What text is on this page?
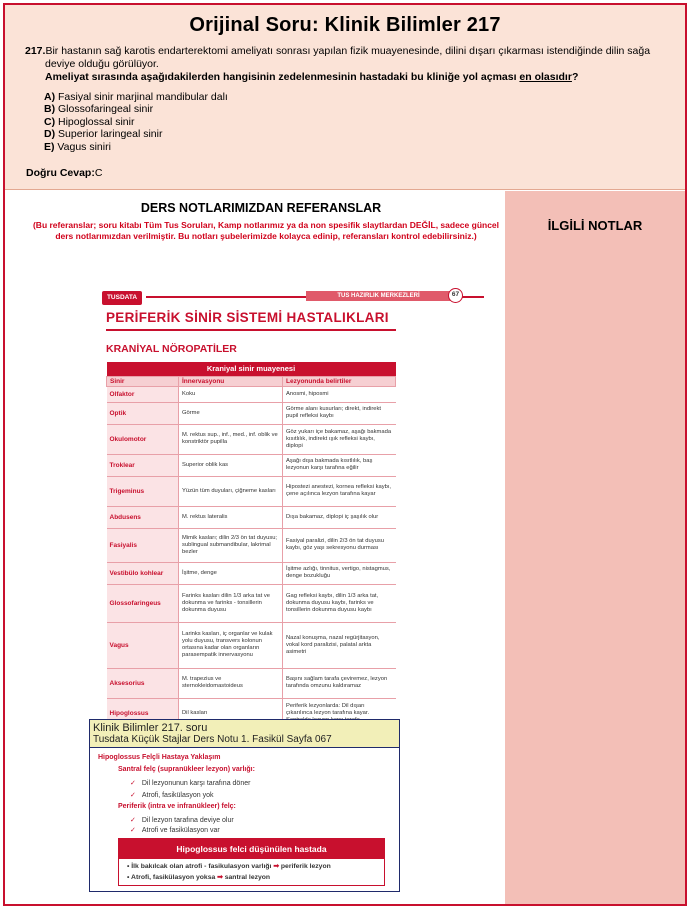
Orijinal Soru: Klinik Bilimler 217
217.Bir hastanın sağ karotis endarterektomi ameliyatı sonrası yapılan fizik muayenesinde, dilini dışarı çıkarması istendiğinde dilin sağa
deviye olduğu görülüyor.
Ameliyat sırasında aşağıdakilerden hangisinin zedelenmesinin hastadaki bu kliniğe yol açması en olasıdır?
A) Fasiyal sinir marjinal mandibular dalı
B) Glossofaringeal sinir
C) Hipoglossal sinir
D) Superior laringeal sinir
E) Vagus siniri
Doğru Cevap:C
DERS NOTLARIMIZDAN REFERANSLAR
(Bu referanslar; soru kitabı Tüm Tus Soruları, Kamp notlarımız ya da non spesifik slaytlardan DEĞİL, sadece güncel ders notlarımızdan verilmiştir. Bu notları şubelerimizde kolayca edinip, referansları kontrol edebilirsiniz.)
TUSDATA	TUS HAZIRLIK MERKEZLERİ	67
PERİFERİK SİNİR SİSTEMİ HASTALIKLARI
KRANİYAL NÖROPATİLER
Kraniyal sinir muayenesi		
Sinir	İnnervasyonu	Lezyonunda belirtiler
Olfaktor	Koku	Anosmi, hiposmi
Optik	Görme	Görme alanı kusurları; direkt, indirekt pupil refleksi kaybı
Okulomotor	M. rektus sup., inf., med., inf. oblik ve konstriktör pupilla	Göz yukarı içe bakamaz, aşağı bakmada kısıtlılık, indirekt ışık refleksi kaybı, diplopi
Troklear	Superior oblik kas	Aşağı dışa bakmada kısıtlılık, baş lezyonun karşı tarafına eğilir
Trigeminus	Yüzün tüm duyuları, çiğneme kasları	Hipostezi anestezi, kornea refleksi kaybı, çene açılınca lezyon tarafına kayar
Abdusens	M. rektus lateralis	Dışa bakamaz, diplopi iç şaşılık olur
Fasiyalis	Mimik kasları; dilin 2/3 ön tat duyusu; sublingual submandibular, lakrimal bezler	Fasiyal paralizi, dilin 2/3 ön tat duyusu kaybı, göz yaşı sekresyonu durması
Vestibülo kohlear	İşitme, denge	İşitme azlığı, tinnitus, vertigo, nistagmus, denge bozukluğu
Glossofaringeus	Farinks kasları dilin 1/3 arka tat ve dokunma ve farinks - tonsillerin dokunma duyusu	Gag refleksi kaybı, dilin 1/3 arka tat, dokunma duyusu kaybı, farinks ve tonsillerin dokunma duyusu kaybı
Vagus	Larinks kasları, iç organlar ve kulak yolu duyusu, transvers kolonun ortasına kadar olan organların parasempatik innervasyonu	Nazal konuşma, nazal regürjitasyon, vokal kord paralizisi, palatal arkta asimetri
Aksesorius	M. trapezius ve sternokleidomastoideus	Başını sağlam tarafa çeviremez, lezyon tarafında omzunu kaldıramaz
Hipoglossus	Dil kasları	Periferik lezyonlarda: Dil dışarı çıkarılınca lezyon tarafına kayar.
Klinik Bilimler 217. soru
Tusdata Küçük Stajlar Ders Notu 1. Fasikül Sayfa 067
Hipoglossus Felçli Hastaya Yaklaşım
Santral felç (supranükleer lezyon) varlığı:
✓ Dil lezyonunun karşı tarafına döner
✓ Atrofi, fasikülasyon yok
Periferik (intra ve infranükleer) felç:
✓ Dil lezyon tarafına deviye olur
Hipoglossus felci düşünülen hastada
• İlk bakılcak olan atrofi - fasikulasyon varlığı ➡ periferik lezyon
• Atrofi, fasikülasyon yoksa ➡ santral lezyon
✓ Atrofi ve fasikülasyon var
İLGİLİ NOTLAR
